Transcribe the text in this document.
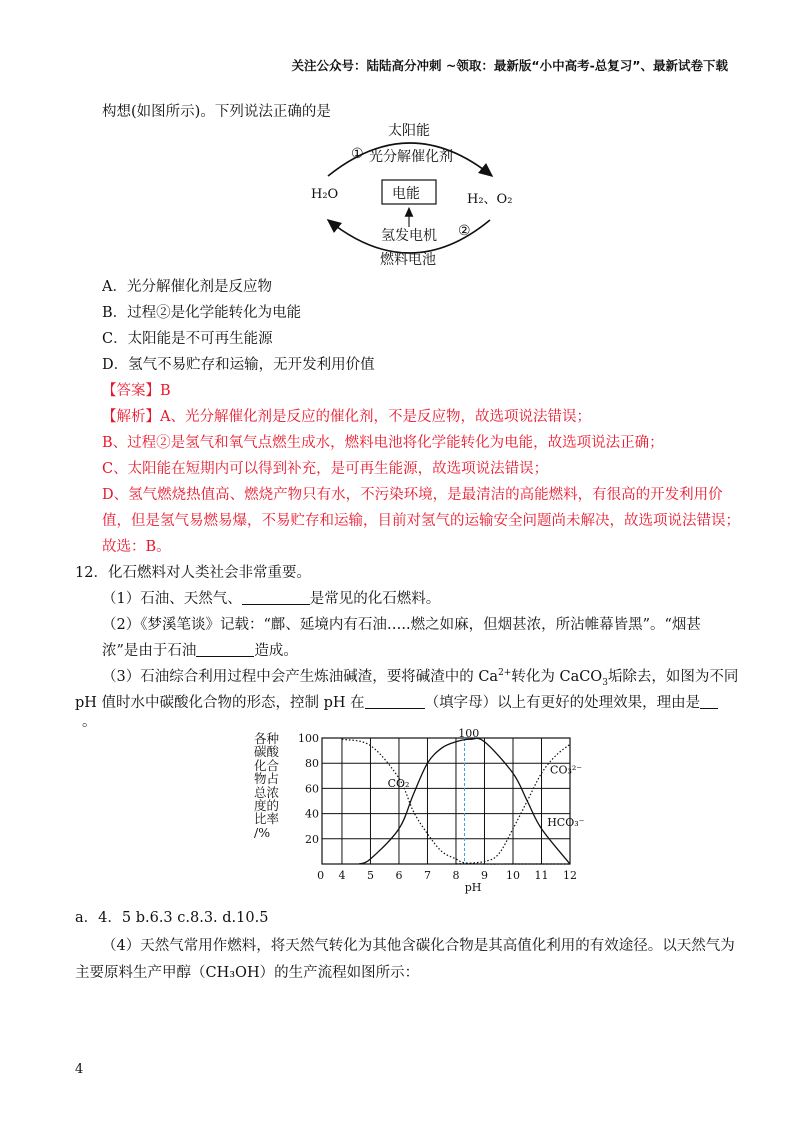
关注公众号：陆陆高分冲刺 ~领取：最新版“小中高考-总复习”、最新试卷下载
构想(如图所示)。下列说法正确的是
太阳能
① 光分解催化剂
H₂O	电能	H₂、O₂
氢发电机 ②
燃料电池
A．光分解催化剂是反应物
B．过程②是化学能转化为电能
C．太阳能是不可再生能源
D．氢气不易贮存和运输，无开发利用价值
【答案】B
【解析】A、光分解催化剂是反应的催化剂，不是反应物，故选项说法错误；
B、过程②是氢气和氧气点燃生成水，燃料电池将化学能转化为电能，故选项说法正确；
C、太阳能在短期内可以得到补充，是可再生能源，故选项说法错误；
D、氢气燃烧热值高、燃烧产物只有水，不污染环境，是最清洁的高能燃料，有很高的开发利用价
值，但是氢气易燃易爆，不易贮存和运输，目前对氢气的运输安全问题尚未解决，故选项说法错误；
故选：B。
12．化石燃料对人类社会非常重要。
（1）石油、天然气、	是常见的化石燃料。
（2）《梦溪笔谈》记载：“鄜、延境内有石油…..燃之如麻，但烟甚浓，所沾帷幕皆黑”。“烟甚
浓”是由于石油	造成。
（3）石油综合利用过程中会产生炼油碱渣，要将碱渣中的 $Ca^{2+}$转化为 CaCO$_3$垢除去，如图为不同
pH 值时水中碳酸化合物的形态，控制 pH 在	（填字母）以上有更好的处理效果，理由是
。
0 4 5 6 7 8 9 10 11 12
pH
20
40
60
80
100	100
CO₂
HCO₃⁻
CO₃²⁻
各种
碳酸
化合
物占
总浓
度的
比率
/%
a．4．5 b.6.3 c.8.3. d.10.5
（4）天然气常用作燃料，将天然气转化为其他含碳化合物是其高值化利用的有效途径。以天然气为
主要原料生产甲醇（CH₃OH）的生产流程如图所示：
4
